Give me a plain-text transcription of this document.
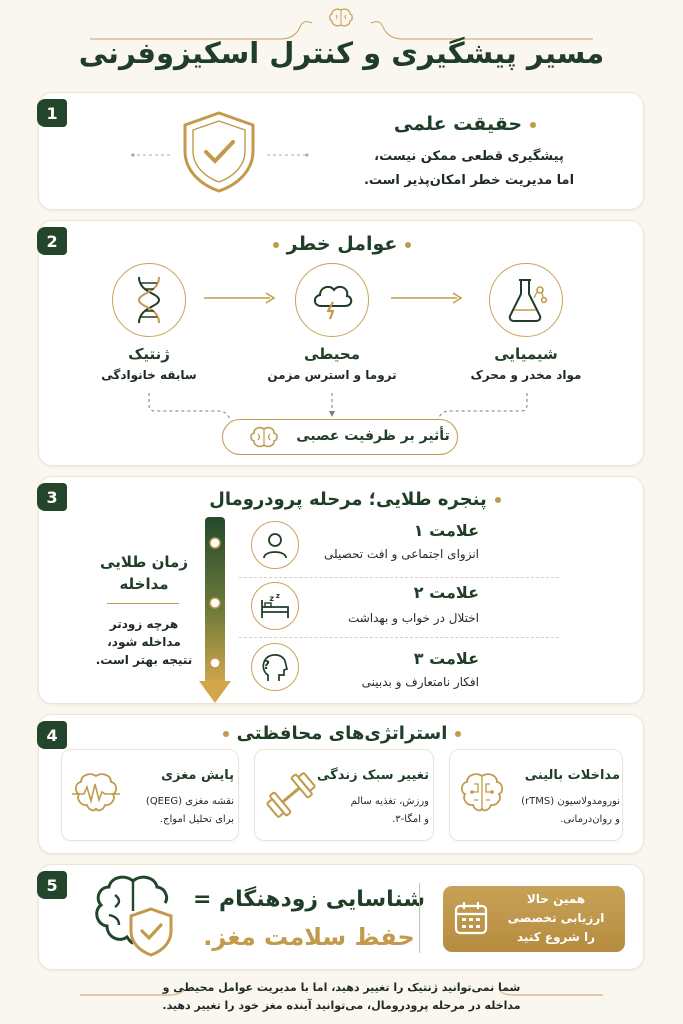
مسیر پیشگیری و کنترل اسکیزوفرنی
1	حقیقت علمی
پیشگیری قطعی ممکن نیست،
اما مدیریت خطر امکان‌پذیر است.
2	عوامل خطر
ژنتیک
سابقه خانوادگی
محیطی
تروما و استرس مزمن
شیمیایی
مواد مخدر و محرک
تأثیر بر ظرفیت عصبی
3	پنجره طلایی؛ مرحله پرودرومال
زمان طلایی
مداخله
هرچه زودتر
مداخله شود،
نتیجه بهتر است.
علامت ۱
انزوای اجتماعی و افت تحصیلی
z z	علامت ۲
اختلال در خواب و بهداشت
?	علامت ۳
افکار نامتعارف و بدبینی
4	استراتژی‌های محافظتی
مداخلات بالینی
نورومدولاسیون (rTMS)
و روان‌درمانی.
تغییر سبک زندگی
ورزش، تغذیه سالم
و امگا-۳.
پایش مغزی
نقشه مغزی (QEEG)
برای تحلیل امواج.
5
شناسایی زودهنگام =
حفظ سلامت مغز.
همین حالا
ارزیابی تخصصی
را شروع کنید
شما نمی‌توانید ژنتیک را تغییر دهید، اما با مدیریت عوامل محیطی و
مداخله در مرحله پرودرومال، می‌توانید آینده مغز خود را تغییر دهید.
